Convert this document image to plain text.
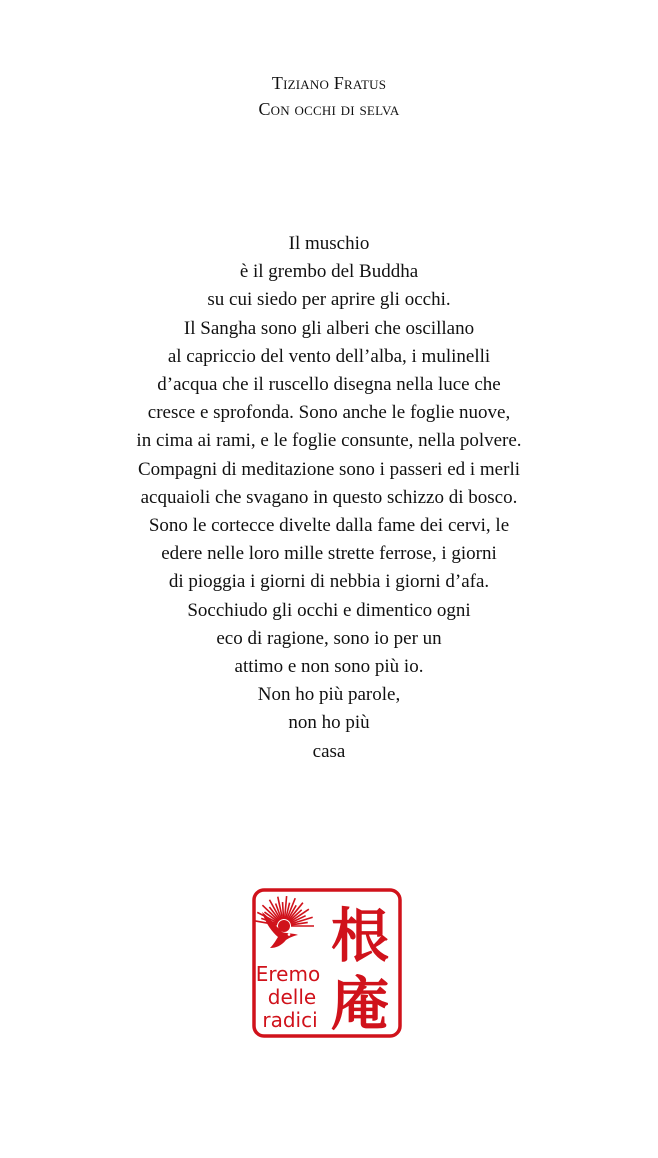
Tiziano Fratus
Con occhi di selva
Il muschio
è il grembo del Buddha
su cui siedo per aprire gli occhi.
Il Sangha sono gli alberi che oscillano
al capriccio del vento dell’alba, i mulinelli
d’acqua che il ruscello disegna nella luce che
cresce e sprofonda. Sono anche le foglie nuove,
in cima ai rami, e le foglie consunte, nella polvere.
Compagni di meditazione sono i passeri ed i merli
acquaioli che svagano in questo schizzo di bosco.
Sono le cortecce divelte dalla fame dei cervi, le
edere nelle loro mille strette ferrose, i giorni
di pioggia i giorni di nebbia i giorni d’afa.
Socchiudo gli occhi e dimentico ogni
eco di ragione, sono io per un
attimo e non sono più io.
Non ho più parole,
non ho più
casa
Eremo
delle
radici
根
庵
